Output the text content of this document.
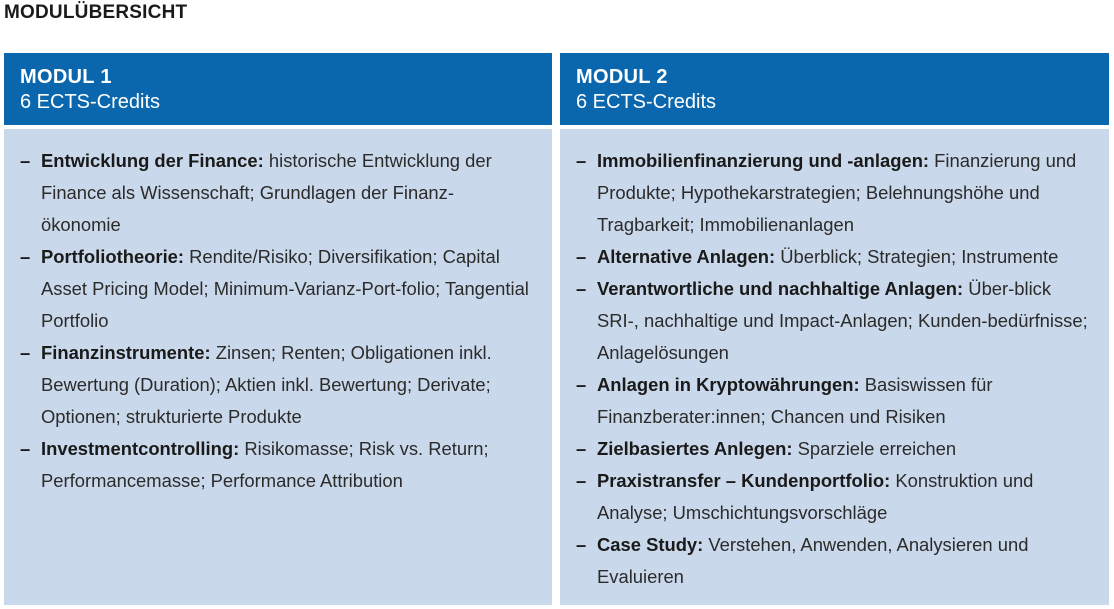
MODULÜBERSICHT
MODUL 1
6 ECTS-Credits
– Entwicklung der Finance: historische Entwicklung der Finance als Wissenschaft; Grundlagen der Finanz-ökonomie
– Portfoliotheorie: Rendite/Risiko; Diversifikation; Capital Asset Pricing Model; Minimum-Varianz-Port-folio; Tangential Portfolio
– Finanzinstrumente: Zinsen; Renten; Obligationen inkl. Bewertung (Duration); Aktien inkl. Bewertung; Derivate; Optionen; strukturierte Produkte
– Investmentcontrolling: Risikomasse; Risk vs. Return; Performancemasse; Performance Attribution
MODUL 2
6 ECTS-Credits
– Immobilienfinanzierung und -anlagen: Finanzierung und Produkte; Hypothekarstrategien; Belehnungshöhe und Tragbarkeit; Immobilienanlagen
– Alternative Anlagen: Überblick; Strategien; Instrumente
– Verantwortliche und nachhaltige Anlagen: Über-blick SRI-, nachhaltige und Impact-Anlagen; Kunden-bedürfnisse; Anlagelösungen
– Anlagen in Kryptowährungen: Basiswissen für Finanzberater:innen; Chancen und Risiken
– Zielbasiertes Anlegen: Sparziele erreichen
– Praxistransfer – Kundenportfolio: Konstruktion und Analyse; Umschichtungsvorschläge
– Case Study: Verstehen, Anwenden, Analysieren und Evaluieren
